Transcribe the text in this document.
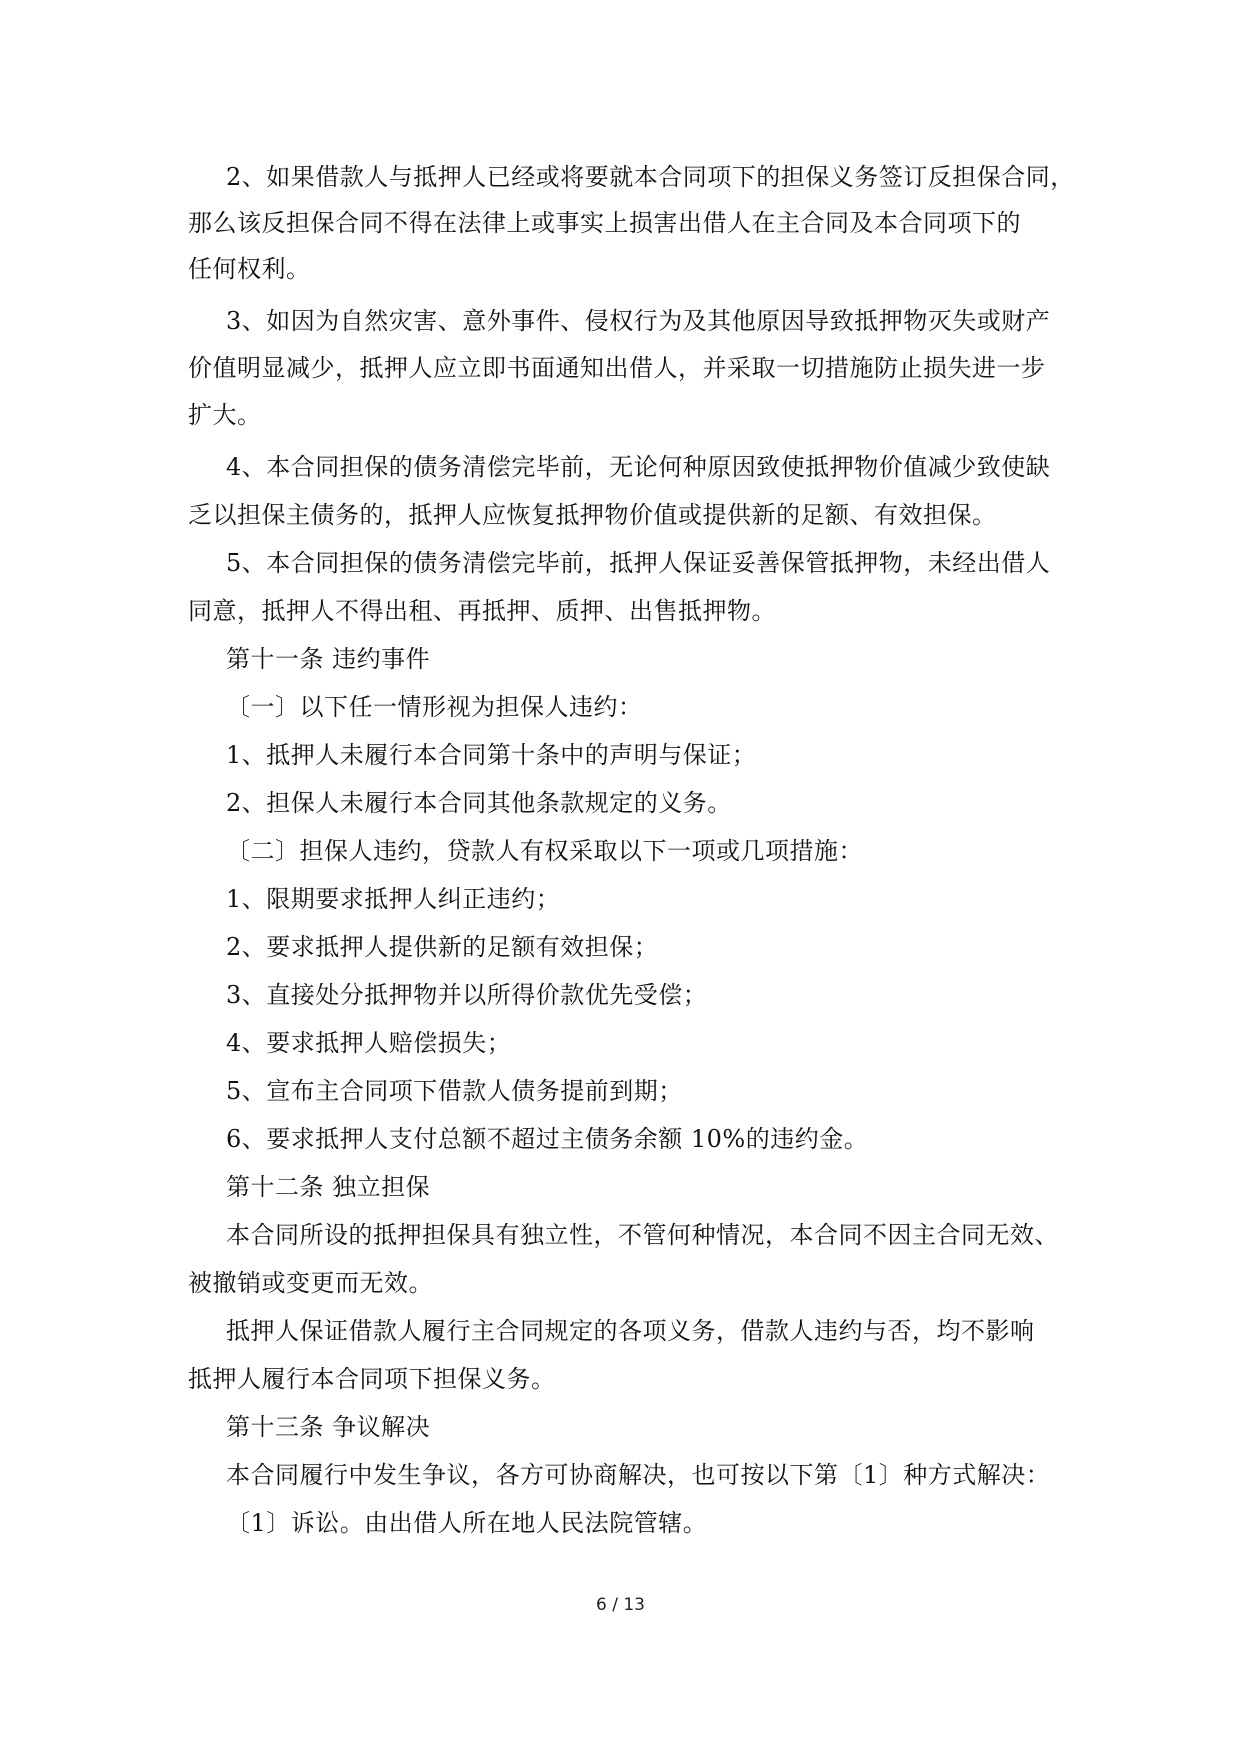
2、如果借款人与抵押人已经或将要就本合同项下的担保义务签订反担保合同，
那么该反担保合同不得在法律上或事实上损害出借人在主合同及本合同项下的
任何权利。
3、如因为自然灾害、意外事件、侵权行为及其他原因导致抵押物灭失或财产
价值明显减少，抵押人应立即书面通知出借人，并采取一切措施防止损失进一步
扩大。
4、本合同担保的债务清偿完毕前，无论何种原因致使抵押物价值减少致使缺
乏以担保主债务的，抵押人应恢复抵押物价值或提供新的足额、有效担保。
5、本合同担保的债务清偿完毕前，抵押人保证妥善保管抵押物，未经出借人
同意，抵押人不得出租、再抵押、质押、出售抵押物。
第十一条 违约事件
〔一〕以下任一情形视为担保人违约：
1、抵押人未履行本合同第十条中的声明与保证；
2、担保人未履行本合同其他条款规定的义务。
〔二〕担保人违约，贷款人有权采取以下一项或几项措施：
1、限期要求抵押人纠正违约；
2、要求抵押人提供新的足额有效担保；
3、直接处分抵押物并以所得价款优先受偿；
4、要求抵押人赔偿损失；
5、宣布主合同项下借款人债务提前到期；
6、要求抵押人支付总额不超过主债务余额 10%的违约金。
第十二条 独立担保
本合同所设的抵押担保具有独立性，不管何种情况，本合同不因主合同无效、
被撤销或变更而无效。
抵押人保证借款人履行主合同规定的各项义务，借款人违约与否，均不影响
抵押人履行本合同项下担保义务。
第十三条 争议解决
本合同履行中发生争议，各方可协商解决，也可按以下第〔1〕种方式解决：
〔1〕诉讼。由出借人所在地人民法院管辖。
6 / 13
